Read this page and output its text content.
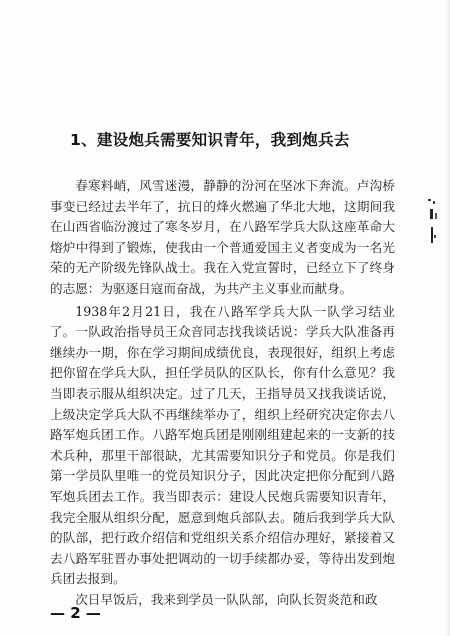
1、建设炮兵需要知识青年，我到炮兵去

春寒料峭，风雪迷漫，静静的汾河在坚冰下奔流。卢沟桥事变已经过去半年了，抗日的烽火燃遍了华北大地，这期间我在山西省临汾渡过了寒冬岁月，在八路军学兵大队这座革命大熔炉中得到了锻炼，使我由一个普通爱国主义者变成为一名光荣的无产阶级先锋队战士。我在入党宣誓时，已经立下了终身的志愿：为驱逐日寇而奋战，为共产主义事业而献身。

1938年2月21日，我在八路军学兵大队一队学习结业了。一队政治指导员王众音同志找我谈话说：学兵大队准备再继续办一期，你在学习期间成绩优良，表现很好，组织上考虑把你留在学兵大队，担任学员队的区队长，你有什么意见？我当即表示服从组织决定。过了几天，王指导员又找我谈话说，上级决定学兵大队不再继续举办了，组织上经研究决定你去八路军炮兵团工作。八路军炮兵团是刚刚组建起来的一支新的技术兵种，那里干部很缺，尤其需要知识分子和党员。你是我们第一学员队里唯一的党员知识分子，因此决定把你分配到八路军炮兵团去工作。我当即表示：建设人民炮兵需要知识青年，我完全服从组织分配，愿意到炮兵部队去。随后我到学兵大队的队部，把行政介绍信和党组织关系介绍信办理好，紧接着又去八路军驻晋办事处把调动的一切手续都办妥，等待出发到炮兵团去报到。

次日早饭后，我来到学员一队队部，向队长贺炎范和政

— 2 —
